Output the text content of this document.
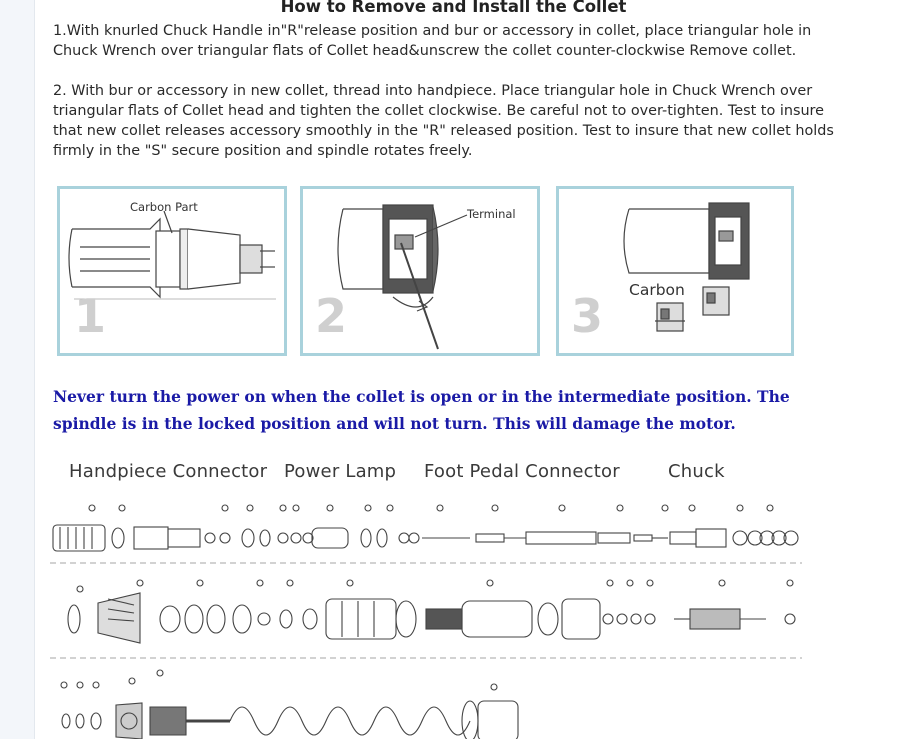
How to Remove and Install the Collet

1.With knurled Chuck Handle in"R"release position and bur or accessory in collet, place triangular hole in Chuck Wrench over triangular flats of Collet head&unscrew the collet counter-clockwise Remove collet.

2. With bur or accessory in new collet, thread into handpiece. Place triangular hole in Chuck Wrench over triangular flats of Collet head and tighten the collet clockwise. Be careful not to over-tighten. Test to insure that new collet releases accessory smoothly in the "R" released position. Test to insure that new collet holds firmly in the "S" secure position and spindle rotates freely.

Carbon Part
1
Terminal
2	Carbon
3

Never turn the power on when the collet is open or in the intermediate position. The spindle is in the locked position and will not turn. This will damage the motor.

Handpiece Connector Power Lamp Foot Pedal Connector	Chuck
